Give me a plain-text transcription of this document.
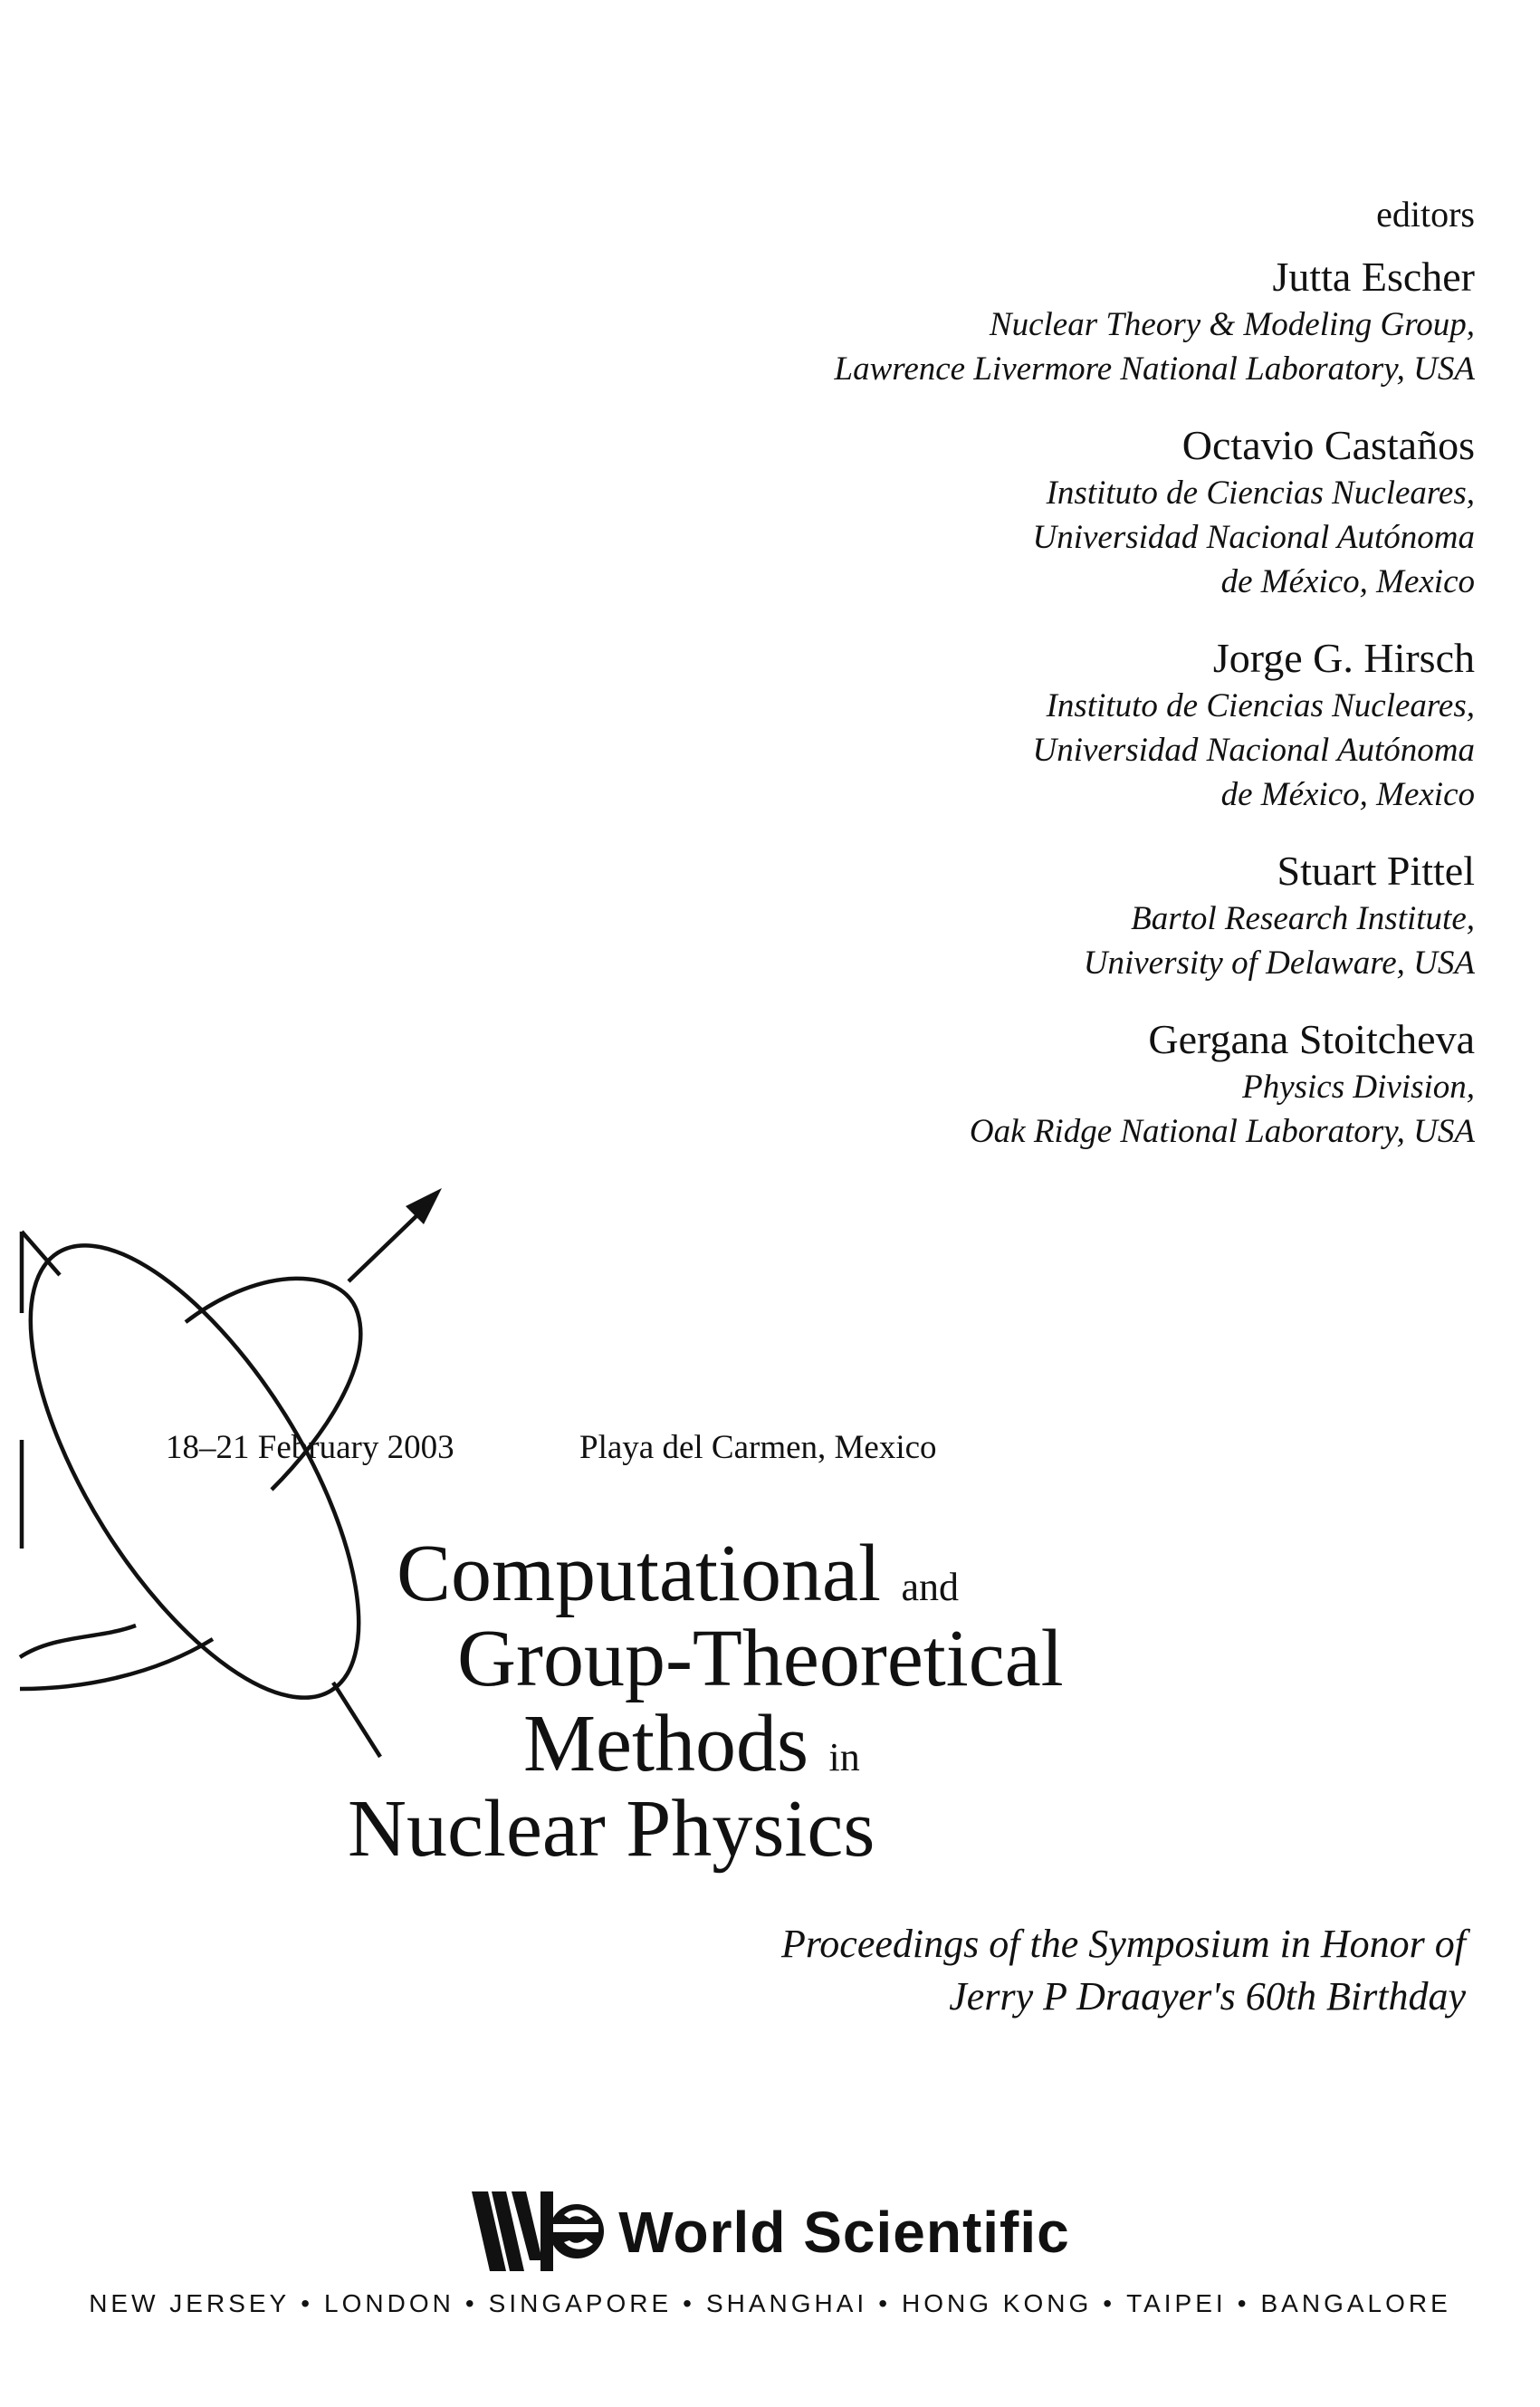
editors
Jutta Escher
Nuclear Theory & Modeling Group,
Lawrence Livermore National Laboratory, USA
Octavio Castaños
Instituto de Ciencias Nucleares,
Universidad Nacional Autónoma
de México, Mexico
Jorge G. Hirsch
Instituto de Ciencias Nucleares,
Universidad Nacional Autónoma
de México, Mexico
Stuart Pittel
Bartol Research Institute,
University of Delaware, USA
Gergana Stoitcheva
Physics Division,
Oak Ridge National Laboratory, USA
18–21 February 2003	Playa del Carmen, Mexico
Computational and
Group-Theoretical
Methods in
Nuclear Physics
Proceedings of the Symposium in Honor of
Jerry P Draayer's 60th Birthday
World Scientific
NEW JERSEY • LONDON • SINGAPORE • SHANGHAI • HONG KONG • TAIPEI • BANGALORE
